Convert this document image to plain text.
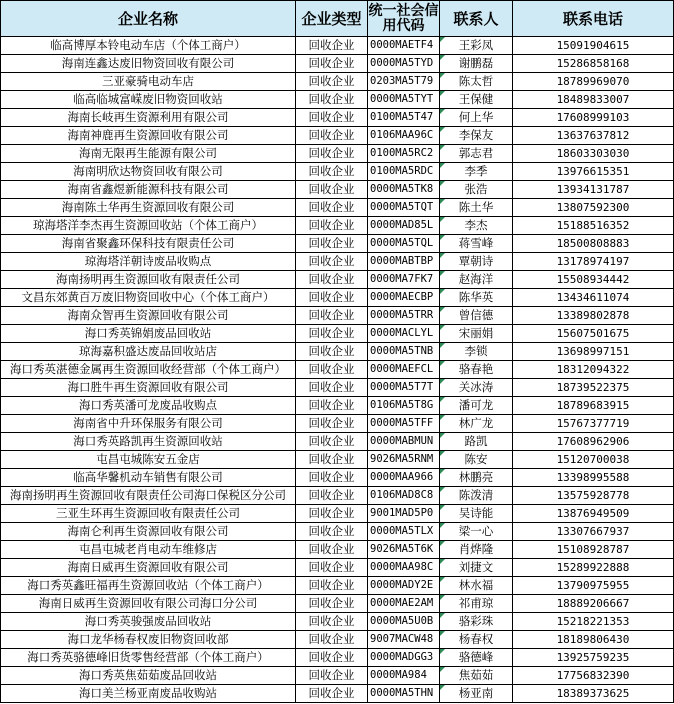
企业名称	企业类型	统一社会信用代码	联系人	联系电话
临高博厚本铃电动车店（个体工商户）	回收企业	0000MAETF4	王彩凤	15091904615
海南连鑫达废旧物资回收有限公司	回收企业	0000MA5TYD	谢鹏磊	15286858168
三亚豪骑电动车店	回收企业	0203MA5T79	陈太哲	18789969070
临高临城富嵘废旧物资回收站	回收企业	0000MA5TYT	王保健	18489833007
海南长岐再生资源利用有限公司	回收企业	0100MA5T47	何上华	17608999103
海南神鹿再生资源回收有限公司	回收企业	0106MAA96C	李保友	13637637812
海南无限再生能源有限公司	回收企业	0100MA5RC2	郭志君	18603303030
海南明欣达物资回收有限公司	回收企业	0100MA5RDC	李季	13976615351
海南省鑫煜新能源科技有限公司	回收企业	0000MA5TK8	张浩	13934131787
海南陈土华再生资源回收有限公司	回收企业	0000MA5TQT	陈土华	13807592300
琼海塔洋李杰再生资源回收站（个体工商户）	回收企业	0000MAD85L	李杰	15188516352
海南省聚鑫环保科技有限责任公司	回收企业	0000MA5TQL	蒋雪峰	18500808883
琼海塔洋朝诗废品收购点	回收企业	0000MABTBP	覃朝诗	13178974197
海南扬明再生资源回收有限责任公司	回收企业	0000MA7FK7	赵海洋	15508934442
文昌东郊黄百万废旧物资回收中心（个体工商户）	回收企业	0000MAECBP	陈华英	13434611074
海南众智再生资源回收有限公司	回收企业	0000MA5TRR	曾信德	13389802878
海口秀英锦娟废品回收站	回收企业	0000MACLYL	宋丽娟	15607501675
琼海嘉积盛达废品回收站店	回收企业	0000MA5TNB	李锁	13698997151
海口秀英湛德金属再生资源回收经营部（个体工商户）	回收企业	0000MAEFCL	骆春艳	18312094322
海口胜牛再生资源回收有限公司	回收企业	0000MA5T7T	关冰涛	18739522375
海口秀英潘可龙废品收购点	回收企业	0106MA5T8G	潘可龙	18789683915
海南省中升环保服务有限公司	回收企业	0000MA5TFF	林广龙	15767377719
海口秀英路凯再生资源回收站	回收企业	0000MABMUN	路凯	17608962906
屯昌屯城陈安五金店	回收企业	9026MA5RNM	陈安	15120700038
临高华馨机动车销售有限公司	回收企业	0000MAA966	林鹏亮	13398995588
海南扬明再生资源回收有限责任公司海口保税区分公司	回收企业	0106MAD8C8	陈泼清	13575928778
三亚生环再生资源回收有限责任公司	回收企业	9001MAD5P0	吴诗能	13876949509
海南仑利再生资源回收有限公司	回收企业	0000MA5TLX	梁一心	13307667937
屯昌屯城老肖电动车维修店	回收企业	9026MA5T6K	肖烨隆	15108928787
海南日威再生资源回收有限公司	回收企业	0000MAA98C	刘捷文	15289922888
海口秀英鑫旺福再生资源回收站（个体工商户）	回收企业	0000MADY2E	林水福	13790975955
海南日威再生资源回收有限公司海口分公司	回收企业	0000MAE2AM	祁甫琼	18889206667
海口秀英骏强废品回收站	回收企业	0000MA5U0B	骆彩珠	15218221353
海口龙华杨春权废旧物资回收部	回收企业	9007MACW48	杨春权	18189806430
海口秀英骆德峰旧货零售经营部（个体工商户）	回收企业	0000MADGG3	骆德峰	13925759235
海口秀英焦茹茹废品回收站	回收企业	0000MA984	焦茹茹	17756832390
海口美兰杨亚南废品收购站	回收企业	0000MA5THN	杨亚南	18389373625
